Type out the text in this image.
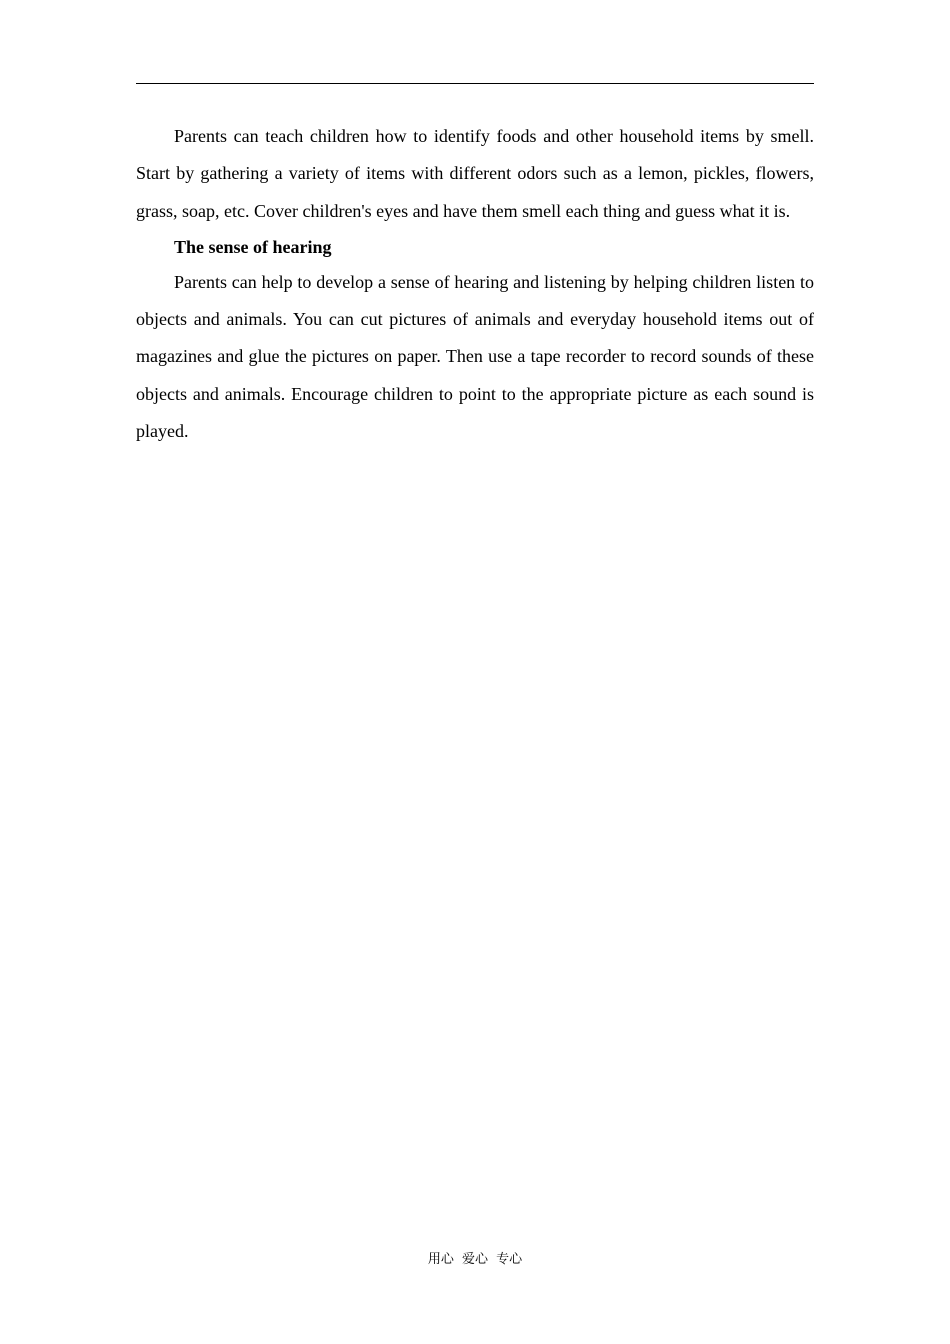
Parents can teach children how to identify foods and other household items by smell. Start by gathering a variety of items with different odors such as a lemon, pickles, flowers, grass, soap, etc. Cover children's eyes and have them smell each thing and guess what it is.

The sense of hearing

Parents can help to develop a sense of hearing and listening by helping children listen to objects and animals. You can cut pictures of animals and everyday household items out of magazines and glue the pictures on paper. Then use a tape recorder to record sounds of these objects and animals. Encourage children to point to the appropriate picture as each sound is played.

用心 爱心 专心
